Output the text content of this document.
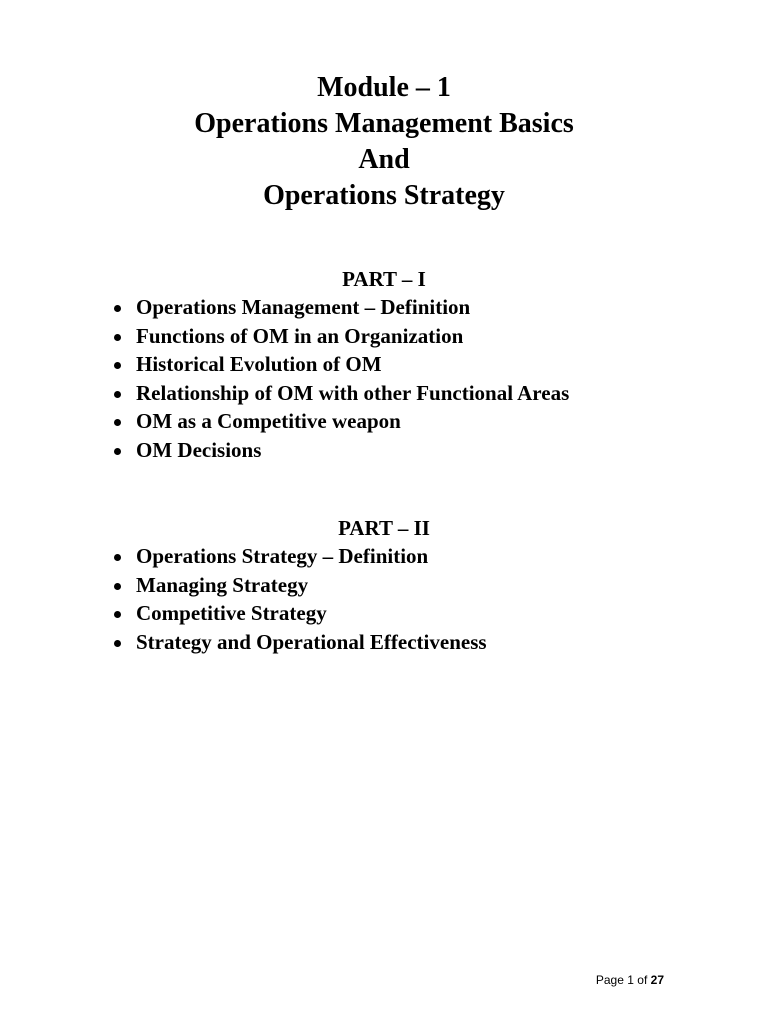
Module – 1
Operations Management Basics
And
Operations Strategy
PART – I
Operations Management – Definition
Functions of OM in an Organization
Historical Evolution of OM
Relationship of OM with other Functional Areas
OM as a Competitive weapon
OM Decisions
PART – II
Operations Strategy – Definition
Managing Strategy
Competitive Strategy
Strategy and Operational Effectiveness
Page 1 of 27
